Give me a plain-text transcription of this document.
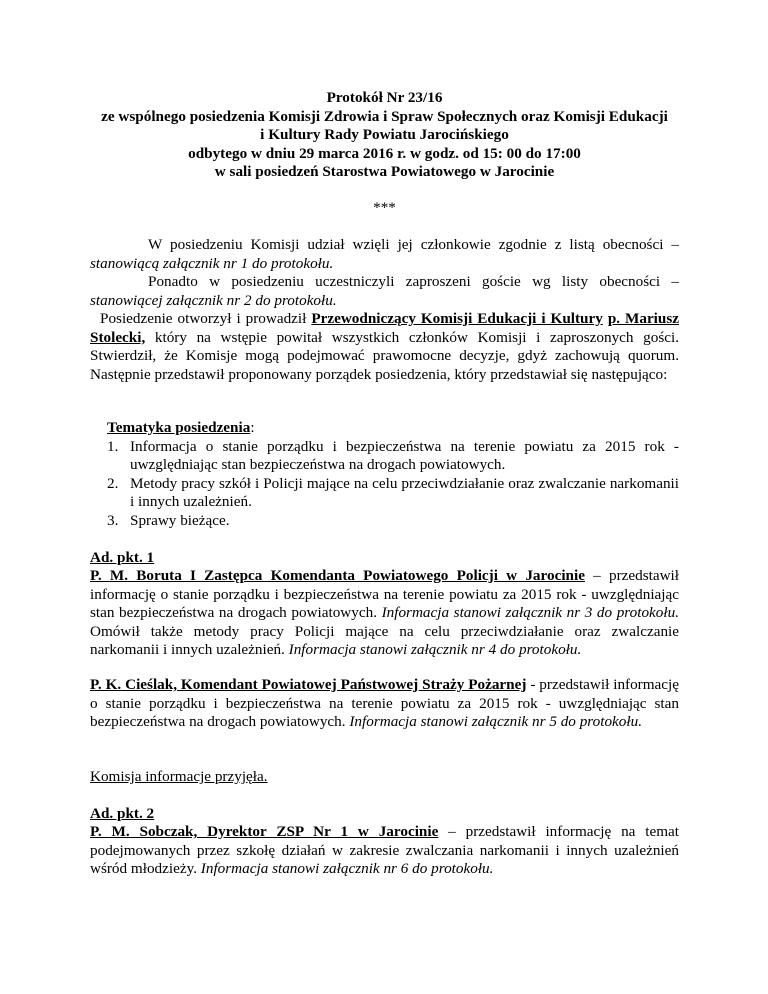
Protokół Nr 23/16
ze wspólnego posiedzenia Komisji Zdrowia i Spraw Społecznych oraz Komisji Edukacji
i Kultury Rady Powiatu Jarocińskiego
odbytego w dniu 29 marca 2016 r. w godz. od 15: 00 do 17:00
w sali posiedzeń Starostwa Powiatowego w Jarocinie
***

W posiedzeniu Komisji udział wzięli jej członkowie zgodnie z listą obecności – stanowiącą załącznik nr 1 do protokołu.

Ponadto w posiedzeniu uczestniczyli zaproszeni goście wg listy obecności – stanowiącej załącznik nr 2 do protokołu.

Posiedzenie otworzył i prowadził Przewodniczący Komisji Edukacji i Kultury p. Mariusz Stolecki, który na wstępie powitał wszystkich członków Komisji i zaproszonych gości. Stwierdził, że Komisje mogą podejmować prawomocne decyzje, gdyż zachowują quorum. Następnie przedstawił proponowany porządek posiedzenia, który przedstawiał się następująco:

Tematyka posiedzenia:
1. Informacja o stanie porządku i bezpieczeństwa na terenie powiatu za 2015 rok - uwzględniając stan bezpieczeństwa na drogach powiatowych.
2. Metody pracy szkół i Policji mające na celu przeciwdziałanie oraz zwalczanie narkomanii i innych uzależnień.
3. Sprawy bieżące.
Ad. pkt. 1

P. M. Boruta I Zastępca Komendanta Powiatowego Policji w Jarocinie – przedstawił informację o stanie porządku i bezpieczeństwa na terenie powiatu za 2015 rok - uwzględniając stan bezpieczeństwa na drogach powiatowych. Informacja stanowi załącznik nr 3 do protokołu. Omówił także metody pracy Policji mające na celu przeciwdziałanie oraz zwalczanie narkomanii i innych uzależnień. Informacja stanowi załącznik nr 4 do protokołu.

P. K. Cieślak, Komendant Powiatowej Państwowej Straży Pożarnej - przedstawił informację o stanie porządku i bezpieczeństwa na terenie powiatu za 2015 rok - uwzględniając stan bezpieczeństwa na drogach powiatowych. Informacja stanowi załącznik nr 5 do protokołu.

Komisja informacje przyjęła.
Ad. pkt. 2

P. M. Sobczak, Dyrektor ZSP Nr 1 w Jarocinie – przedstawił informację na temat podejmowanych przez szkołę działań w zakresie zwalczania narkomanii i innych uzależnień wśród młodzieży. Informacja stanowi załącznik nr 6 do protokołu.
